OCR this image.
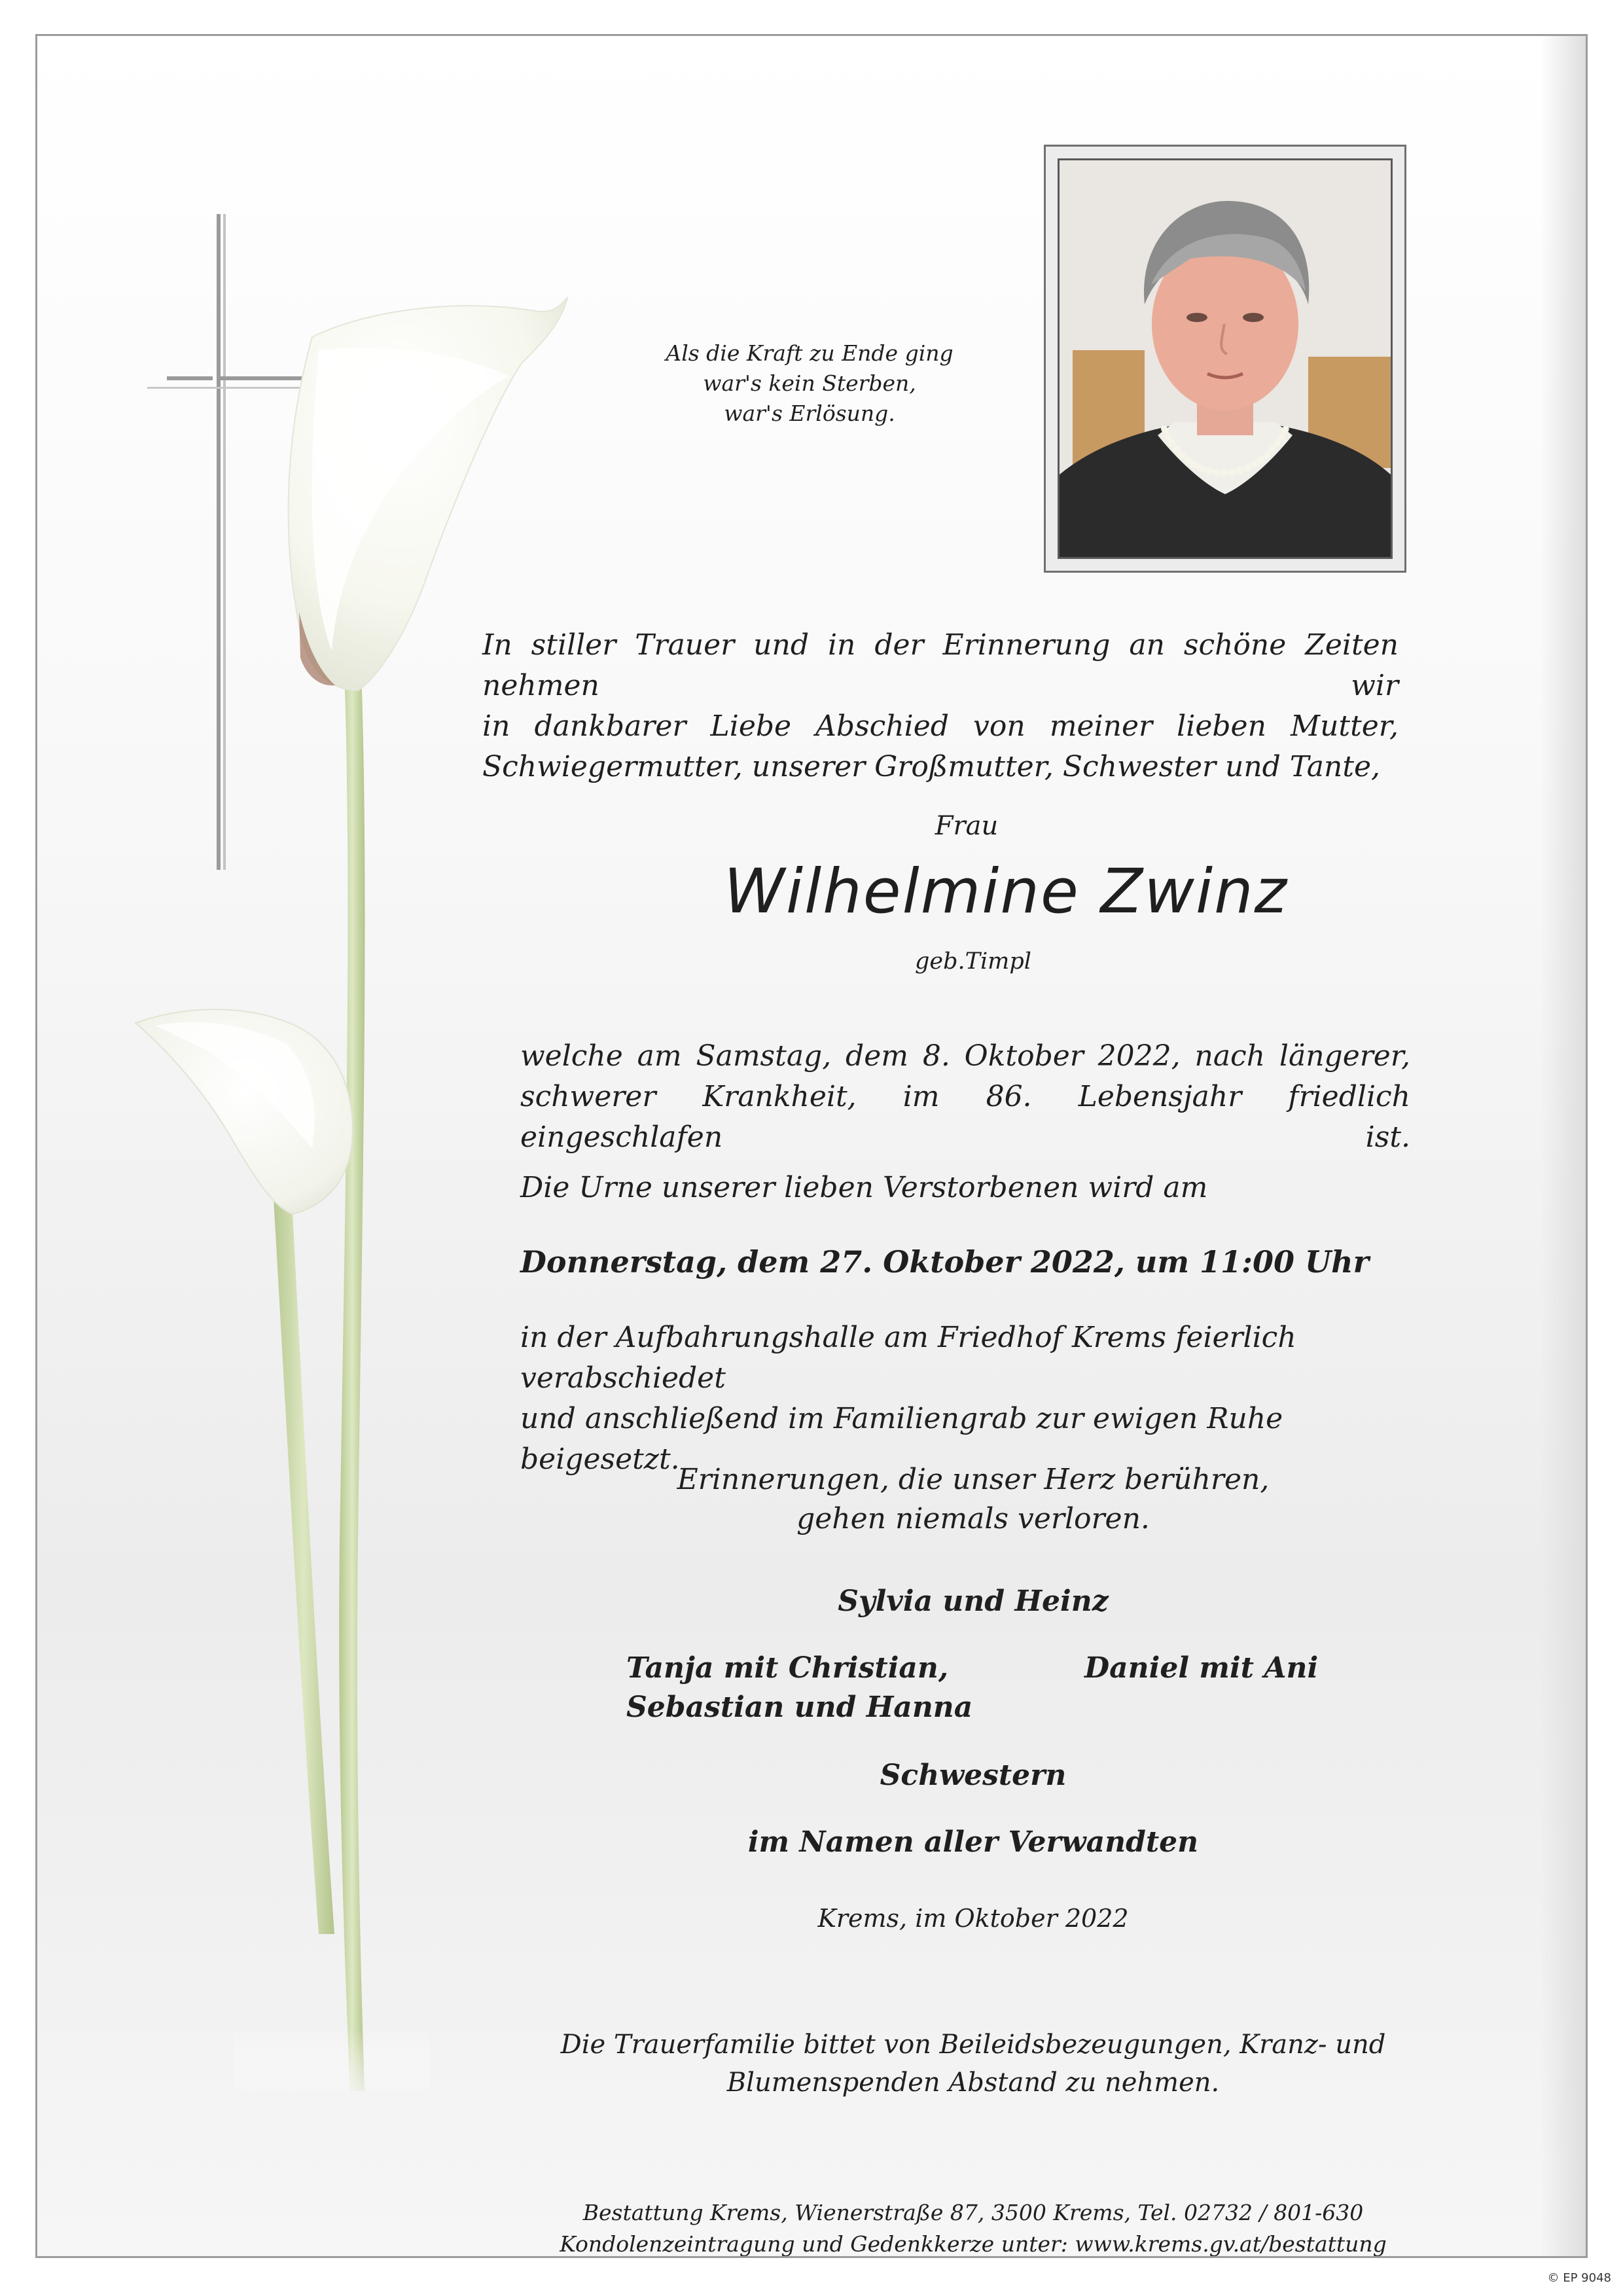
Als die Kraft zu Ende ging
war's kein Sterben,
war's Erlösung.

In stiller Trauer und in der Erinnerung an schöne Zeiten nehmen wir
in dankbarer Liebe Abschied von meiner lieben Mutter,
Schwiegermutter, unserer Großmutter, Schwester und Tante,

Frau

Wilhelmine Zwinz

geb.Timpl

welche am Samstag, dem 8. Oktober 2022, nach längerer,
schwerer Krankheit, im 86. Lebensjahr friedlich eingeschlafen ist.

Die Urne unserer lieben Verstorbenen wird am

Donnerstag, dem 27. Oktober 2022, um 11:00 Uhr

in der Aufbahrungshalle am Friedhof Krems feierlich verabschiedet
und anschließend im Familiengrab zur ewigen Ruhe beigesetzt.

Erinnerungen, die unser Herz berühren,
gehen niemals verloren.

Sylvia und Heinz

Tanja mit Christian,
Sebastian und Hanna

Daniel mit Ani

Schwestern

im Namen aller Verwandten

Krems, im Oktober 2022

Die Trauerfamilie bittet von Beileidsbezeugungen, Kranz- und
Blumenspenden Abstand zu nehmen.

Bestattung Krems, Wienerstraße 87, 3500 Krems, Tel. 02732 / 801-630
Kondolenzeintragung und Gedenkkerze unter: www.krems.gv.at/bestattung

© EP 9048
